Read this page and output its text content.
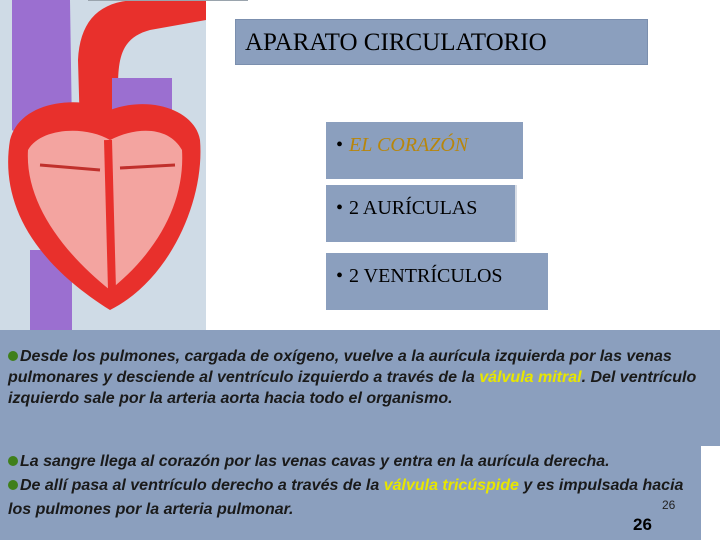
APARATO CIRCULATORIO
• EL CORAZÓN
• 2 AURÍCULAS
• 2 VENTRÍCULOS
Desde los pulmones, cargada de oxígeno, vuelve a la aurícula izquierda por las venas pulmonares y desciende al ventrículo izquierdo a través de la válvula mitral. Del ventrículo izquierdo sale por la arteria aorta hacia todo el organismo.
La sangre llega al corazón por las venas cavas y entra en la aurícula derecha.
De allí pasa al ventrículo derecho a través de la válvula tricúspide y es impulsada hacia los pulmones por la arteria pulmonar.	26
26
